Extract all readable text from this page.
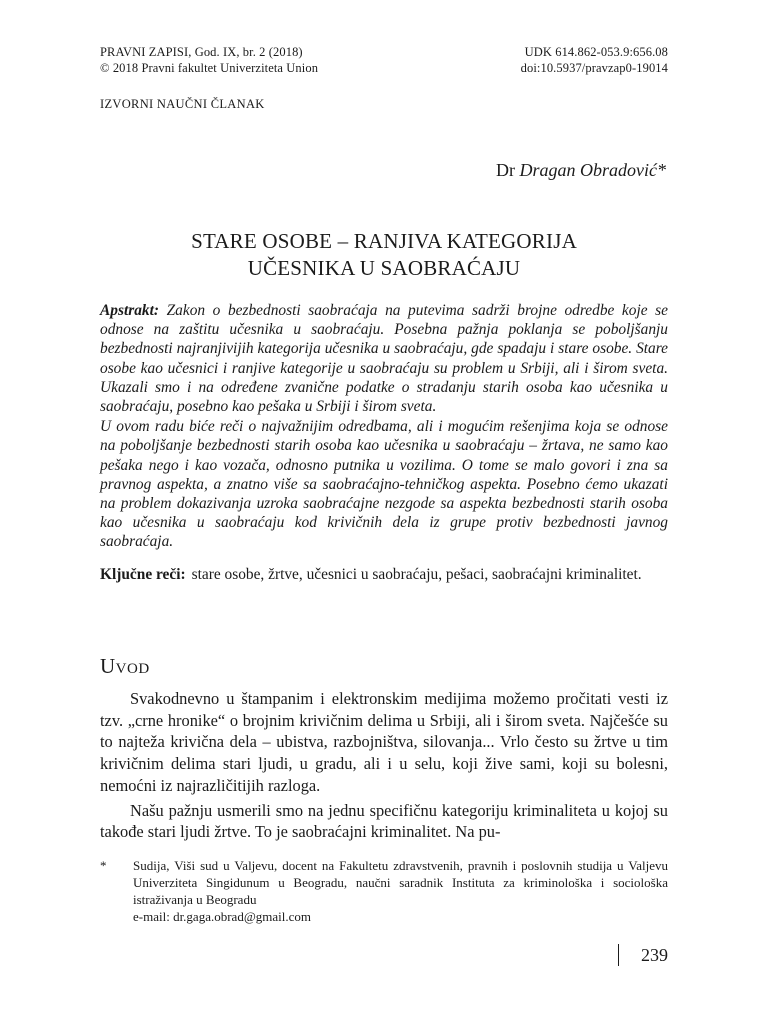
PRAVNI ZAPISI, God. IX, br. 2 (2018)
© 2018 Pravni fakultet Univerziteta Union
UDK 614.862-053.9:656.08
doi:10.5937/pravzap0-19014
IZVORNI NAUČNI ČLANAK
Dr Dragan Obradović*
STARE OSOBE – RANJIVA KATEGORIJA
UČESNIKA U SAOBRAĆAJU

Apstrakt: Zakon o bezbednosti saobraćaja na putevima sadrži brojne odredbe koje se odnose na zaštitu učesnika u saobraćaju. Posebna pažnja poklanja se poboljšanju bezbednosti najranjivijih kategorija učesnika u saobraćaju, gde spadaju i stare osobe. Stare osobe kao učesnici i ranjive kategorije u saobraćaju su problem u Srbiji, ali i širom sveta. Ukazali smo i na određene zvanične podatke o stradanju starih osoba kao učesnika u saobraćaju, posebno kao pešaka u Srbiji i širom sveta.

U ovom radu biće reči o najvažnijim odredbama, ali i mogućim rešenjima koja se odnose na poboljšanje bezbednosti starih osoba kao učesnika u saobraćaju – žrtava, ne samo kao pešaka nego i kao vozača, odnosno putnika u vozilima. O tome se malo govori i zna sa pravnog aspekta, a znatno više sa saobraćajno-tehničkog aspekta. Posebno ćemo ukazati na problem dokazivanja uzroka saobraćajne nezgode sa aspekta bezbednosti starih osoba kao učesnika u saobraćaju kod krivičnih dela iz grupe protiv bezbednosti javnog saobraćaja.

Ključne reči: stare osobe, žrtve, učesnici u saobraćaju, pešaci, saobraćajni kriminalitet.
Uvod

Svakodnevno u štampanim i elektronskim medijima možemo pročitati vesti iz tzv. „crne hronike“ o brojnim krivičnim delima u Srbiji, ali i širom sveta. Najčešće su to najteža krivična dela – ubistva, razbojništva, silovanja... Vrlo često su žrtve u tim krivičnim delima stari ljudi, u gradu, ali i u selu, koji žive sami, koji su bolesni, nemoćni iz najrazličitijih razloga.

Našu pažnju usmerili smo na jednu specifičnu kategoriju kriminaliteta u kojoj su takođe stari ljudi žrtve. To je saobraćajni kriminalitet. Na pu-

*	Sudija, Viši sud u Valjevu, docent na Fakultetu zdravstvenih, pravnih i poslovnih studija u Valjevu Univerziteta Singidunum u Beogradu, naučni saradnik Instituta za kriminološka i sociološka istraživanja u Beogradu
e-mail: dr.gaga.obrad@gmail.com
239
